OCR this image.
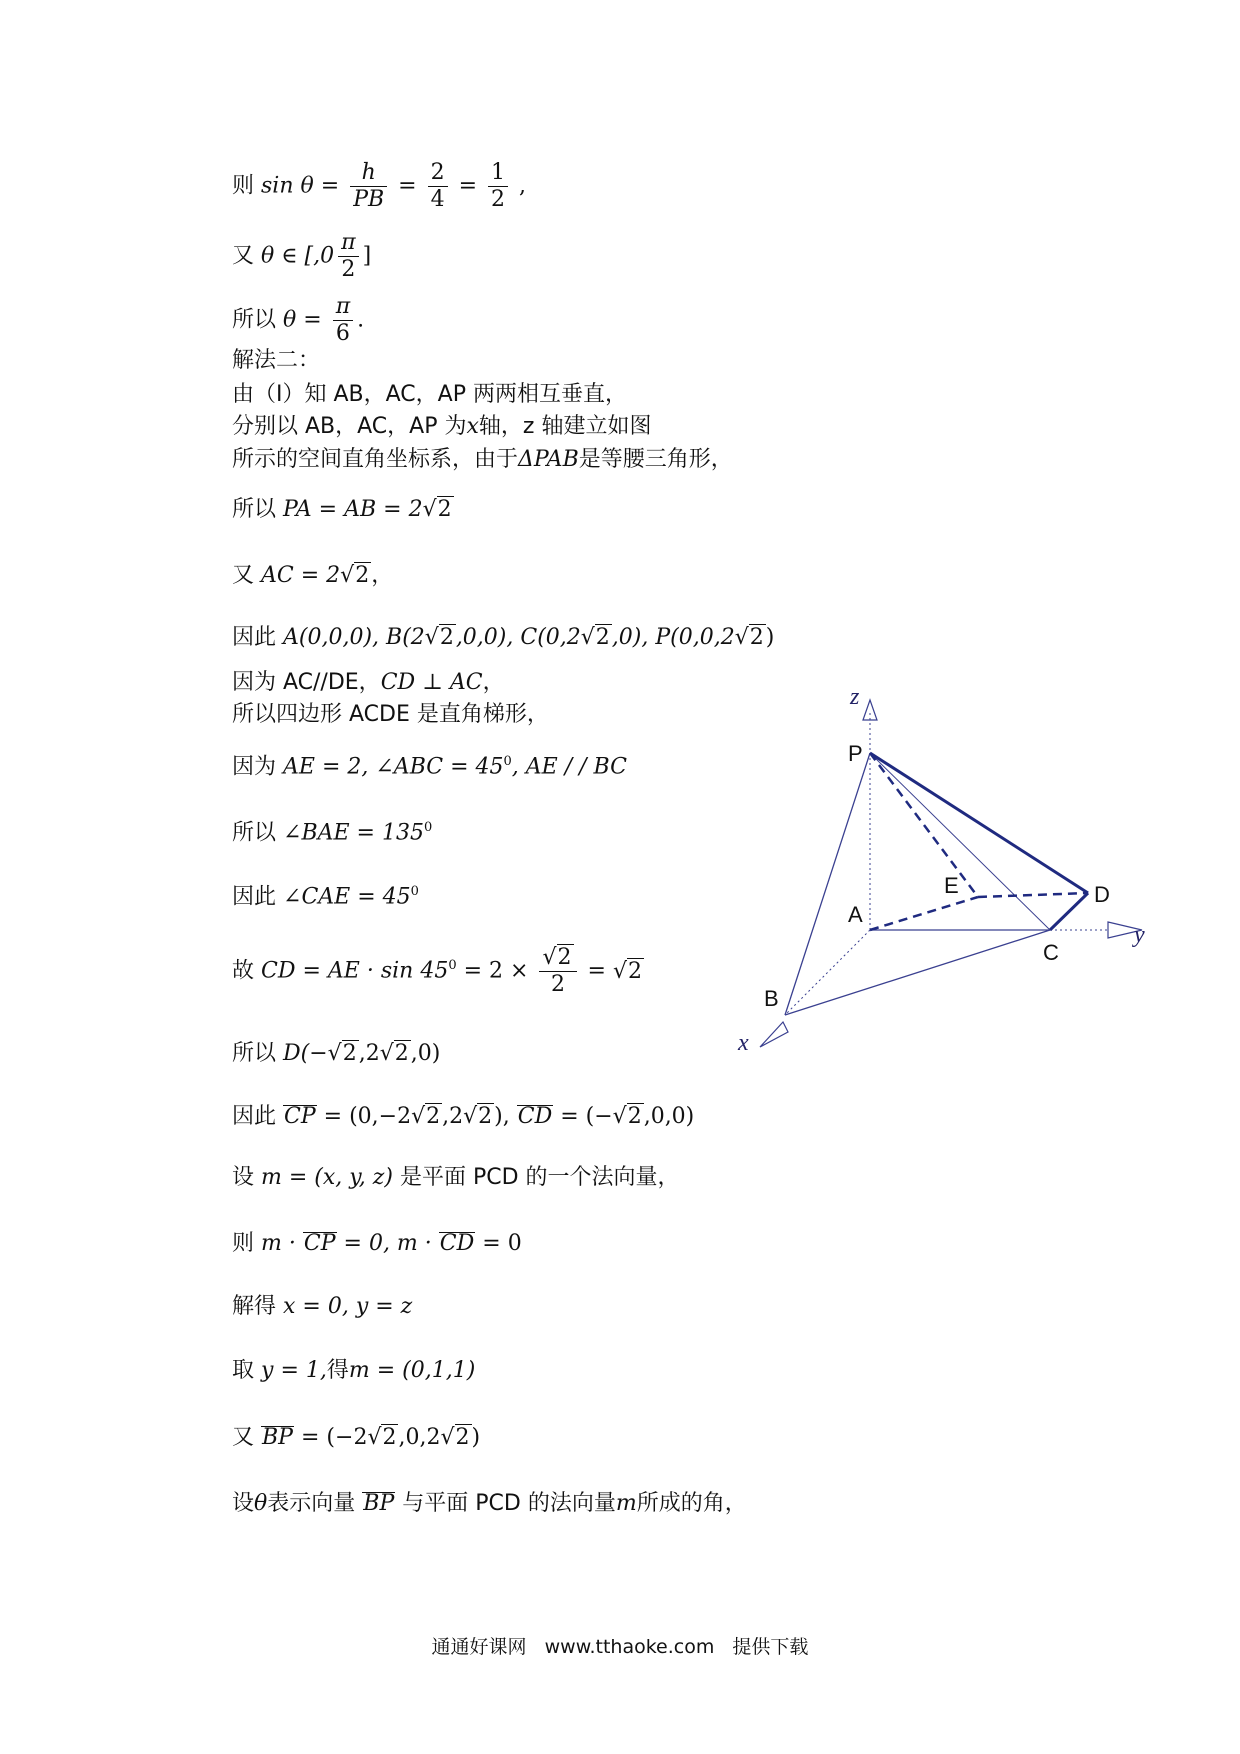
则 $\sin \theta = \frac{h}{PB} = \frac{2}{4} = \frac{1}{2}$ ,
又 θ ∈ [$,0 \frac{\pi}{2}$ ]
所以 $\theta = \frac{\pi}{6}$ .
解法二：
由（Ⅰ）知 AB，AC，AP 两两相互垂直，
分别以 AB，AC，AP 为x轴，z 轴建立如图
所示的空间直角坐标系，由于ΔPAB是等腰三角形，
所以 PA = AB = 2√2
又 AC = 2√2，
因此 A(0,0,0), B(2√2,0,0), C(0,2√2,0), P(0,0,2√2)
因为 AC//DE，CD ⊥ AC，
所以四边形 ACDE 是直角梯形，
因为 AE = 2, ∠ABC = $45^0$, AE / / BC
所以 ∠BAE = $135^0$
因此 ∠CAE = $45^0$
故 CD = AE · $\sin 45^0 = 2 \times \frac{√2}{2} = √2$
所以 D(−√2,2√2,0)
因此 CP = (0,−2√2,2√2), CD = (−√2,0,0)
设 m = (x, y, z) 是平面 PCD 的一个法向量，
则 m · CP = 0, m · CD = 0
解得 x = 0, y = z
取 y = 1,得m = (0,1,1)
又 BP = (−2√2,0,2√2)
设θ表示向量 BP 与平面 PCD 的法向量m所成的角，
P
A
B
C
D
E
z
y
x
通通好课网 www.tthaoke.com 提供下载
